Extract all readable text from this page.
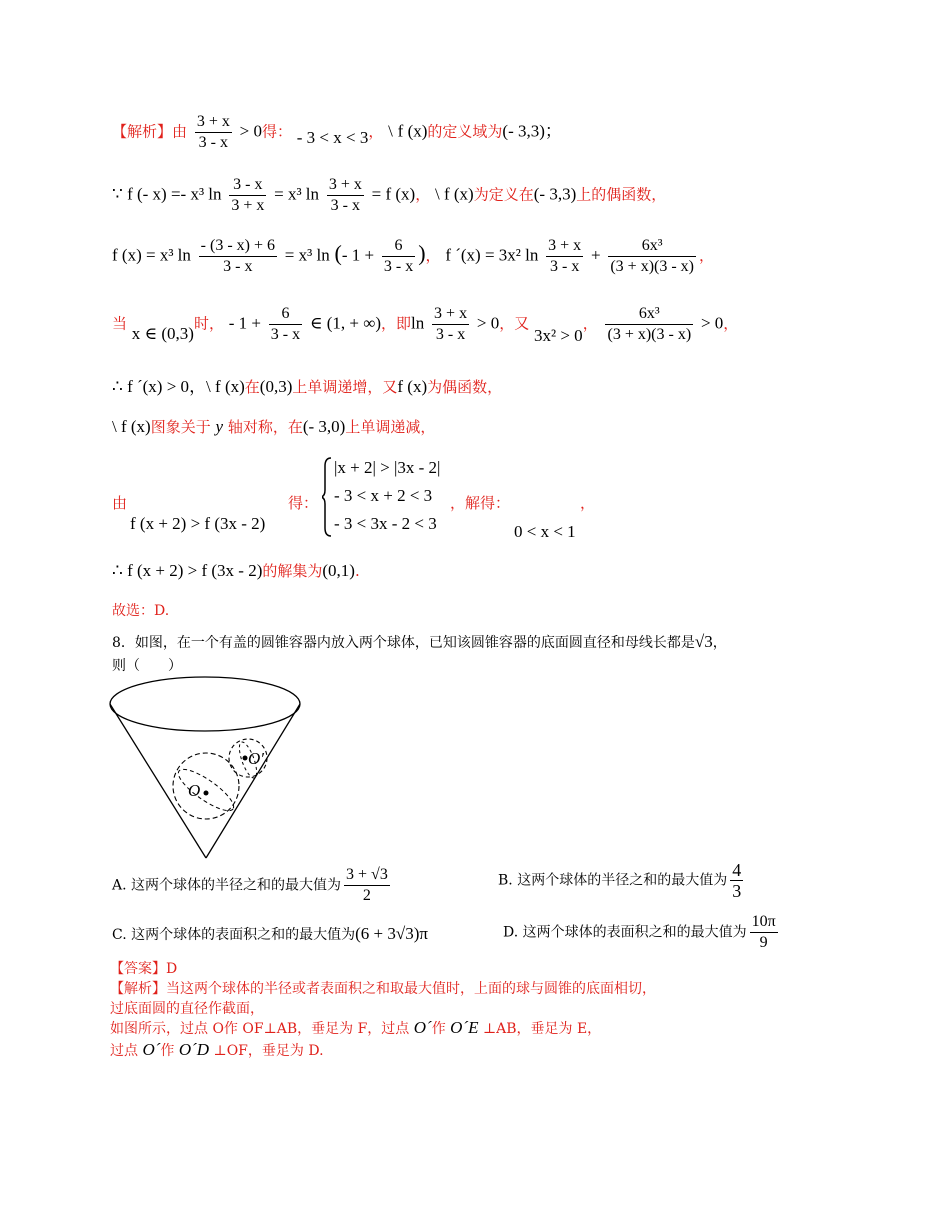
【解析】由 $\frac{3 + x}{3 - x} > 0$得： - 3 < x < 3， \ f (x)的定义域为(- 3,3)；
∵ f (- x) =- x³ $\ln \frac{3 - x}{3 + x} = x^3$ $\ln \frac{3 + x}{3 - x} = f$ (x)， \ f (x)为定义在(- 3,3)上的偶函数，
f (x) = x³ $\ln \frac{- (3 - x) + 6}{3 - x} = x^3$ ln (- $1 + \frac{6}{3 - x}$ )， f ´(x) = 3x² $\ln \frac{3 + x}{3 - x} + \frac{\text{6x³}}{(3 + x)(3 - x)}$ ，
当 x ∈ (0,3)时， - $1 + \frac{6}{3 - x}$ ∈ (1, + ∞)，即$\ln \frac{3 + x}{3 - x} > 0$，又 3x² > 0， $\frac{\text{6x³}}{(3 + x)(3 - x)} > 0$，
∴ f ´(x) > 0，\ f (x)在(0,3)上单调递增，又f (x)为偶函数，
\ f (x)图象关于 y 轴对称，在(- 3,0)上单调递减，
由
f (x + 2) > f (3x - 2)
得：
|x + 2| > |3x - 2|
- 3 < x + 2 < 3
- 3 < 3x - 2 < 3
，解得：
0 < x < 1
，
∴ f (x + 2) > f (3x - 2)的解集为(0,1).
故选：D.
8．如图，在一个有盖的圆锥容器内放入两个球体，已知该圆锥容器的底面圆直径和母线长都是√3，
则（　　）
O
O′
A. 这两个球体的半径之和的最大值为 $\frac{3 + √3}{2}$	B. 这两个球体的半径之和的最大值为 $\frac{4}{3}$
C. 这两个球体的表面积之和的最大值为(6 + 3√3)π	D. 这两个球体的表面积之和的最大值为 $\frac{10\pi}{9}$
【答案】D
【解析】当这两个球体的半径或者表面积之和取最大值时，上面的球与圆锥的底面相切，
过底面圆的直径作截面，
如图所示，过点 O作 OF⊥AB，垂足为 F，过点 O´作 O´E ⊥AB，垂足为 E，
过点 O´作 O´D ⊥OF，垂足为 D.
